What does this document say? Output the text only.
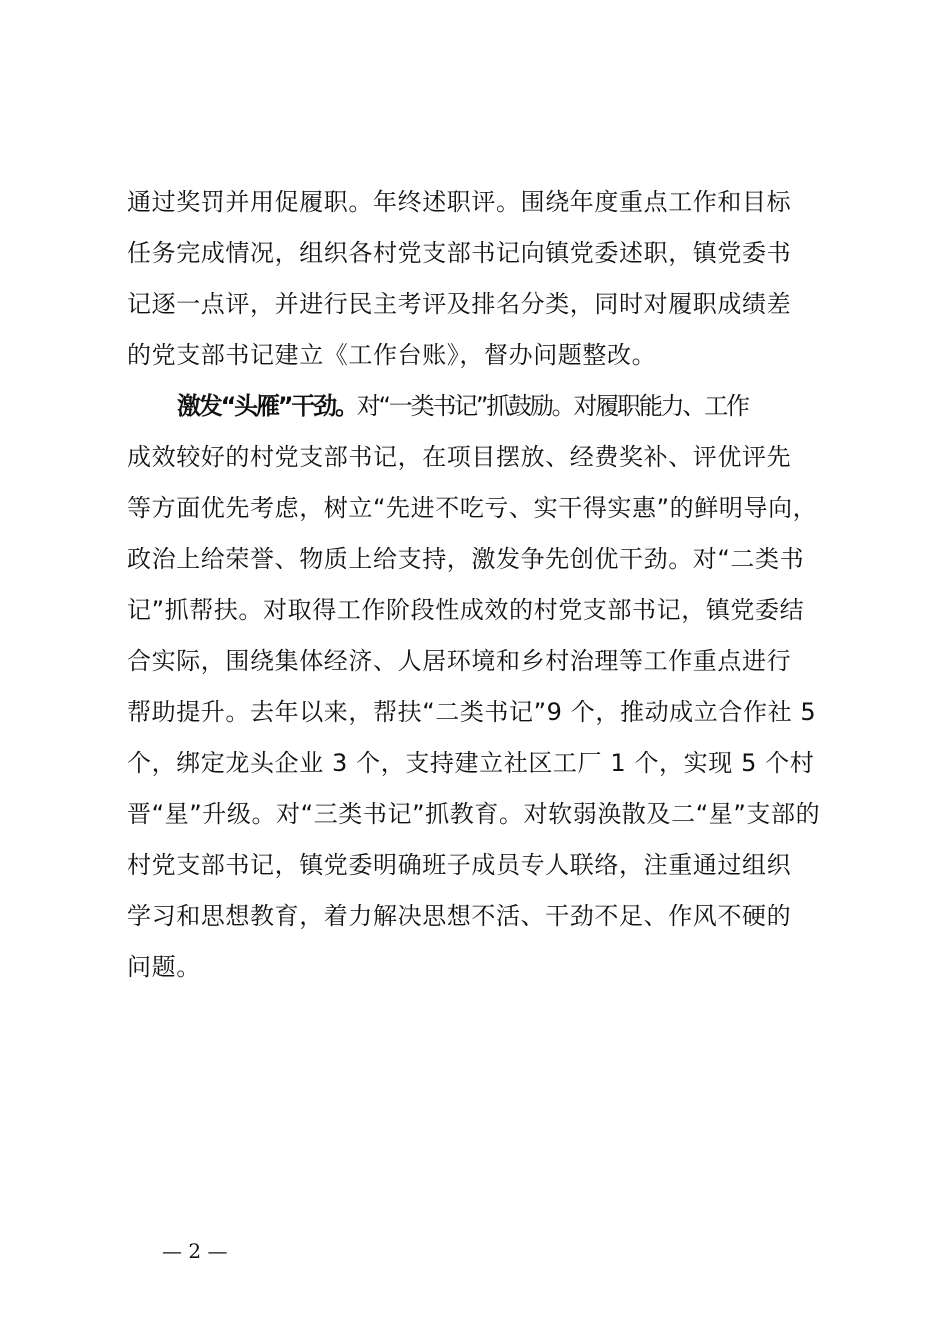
通过奖罚并用促履职。年终述职评。围绕年度重点工作和目标
任务完成情况，组织各村党支部书记向镇党委述职，镇党委书
记逐一点评，并进行民主考评及排名分类，同时对履职成绩差
的党支部书记建立《工作台账》，督办问题整改。
激发“头雁”干劲。对“一类书记”抓鼓励。对履职能力、工作
成效较好的村党支部书记，在项目摆放、经费奖补、评优评先
等方面优先考虑，树立“先进不吃亏、实干得实惠”的鲜明导向，
政治上给荣誉、物质上给支持，激发争先创优干劲。对“二类书
记”抓帮扶。对取得工作阶段性成效的村党支部书记，镇党委结
合实际，围绕集体经济、人居环境和乡村治理等工作重点进行
帮助提升。去年以来，帮扶“二类书记”9 个，推动成立合作社 5
个，绑定龙头企业 3 个，支持建立社区工厂 1 个，实现 5 个村
晋“星”升级。对“三类书记”抓教育。对软弱涣散及二“星”支部的
村党支部书记，镇党委明确班子成员专人联络，注重通过组织
学习和思想教育，着力解决思想不活、干劲不足、作风不硬的
问题。
— 2 —
